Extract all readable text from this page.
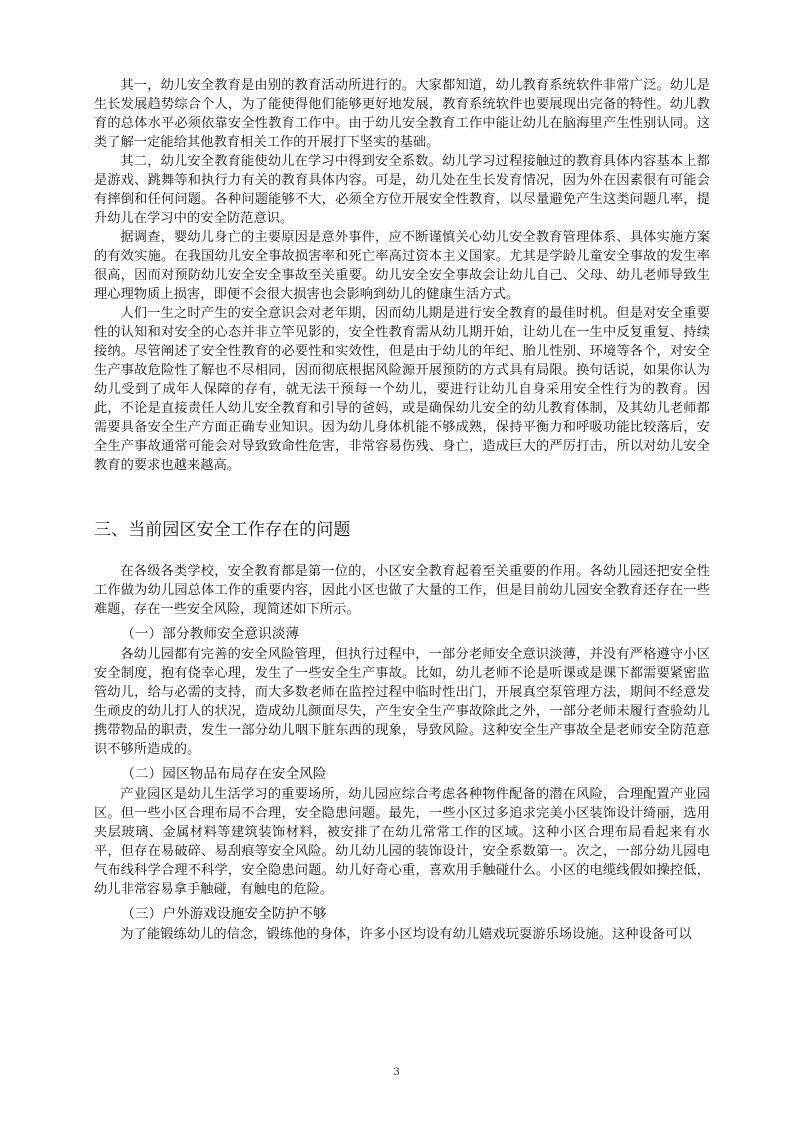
其一，幼儿安全教育是由别的教育活动所进行的。大家都知道，幼儿教育系统软件非常广泛。幼儿是生长发展趋势综合个人，为了能使得他们能够更好地发展，教育系统软件也要展现出完备的特性。幼儿教育的总体水平必须依靠安全性教育工作中。由于幼儿安全教育工作中能让幼儿在脑海里产生性别认同。这类了解一定能给其他教育相关工作的开展打下坚实的基础。

其二，幼儿安全教育能使幼儿在学习中得到安全系数。幼儿学习过程接触过的教育具体内容基本上都是游戏、跳舞等和执行力有关的教育具体内容。可是，幼儿处在生长发育情况，因为外在因素很有可能会有摔倒和任何问题。各种问题能够不大，必须全方位开展安全性教育，以尽量避免产生这类问题几率，提升幼儿在学习中的安全防范意识。

据调查，婴幼儿身亡的主要原因是意外事件，应不断谨慎关心幼儿安全教育管理体系、具体实施方案的有效实施。在我国幼儿安全事故损害率和死亡率高过资本主义国家。尤其是学龄儿童安全事故的发生率很高，因而对预防幼儿安全安全事故至关重要。幼儿安全安全事故会让幼儿自己、父母、幼儿老师导致生理心理物质上损害，即便不会很大损害也会影响到幼儿的健康生活方式。

人们一生之时产生的安全意识会对老年期，因而幼儿期是进行安全教育的最佳时机。但是对安全重要性的认知和对安全的心态并非立竿见影的，安全性教育需从幼儿期开始，让幼儿在一生中反复重复、持续接纳。尽管阐述了安全性教育的必要性和实效性，但是由于幼儿的年纪、胎儿性别、环境等各个，对安全生产事故危险性了解也不尽相同，因而彻底根据风险源开展预防的方式具有局限。换句话说，如果你认为幼儿受到了成年人保障的存有，就无法干预每一个幼儿，要进行让幼儿自身采用安全性行为的教育。因此，不论是直接责任人幼儿安全教育和引导的爸妈，或是确保幼儿安全的幼儿教育体制，及其幼儿老师都需要具备安全生产方面正确专业知识。因为幼儿身体机能不够成熟，保持平衡力和呼吸功能比较落后，安全生产事故通常可能会对导致致命性危害，非常容易伤残、身亡，造成巨大的严厉打击，所以对幼儿安全教育的要求也越来越高。

三、当前园区安全工作存在的问题

在各级各类学校，安全教育都是第一位的，小区安全教育起着至关重要的作用。各幼儿园还把安全性工作做为幼儿园总体工作的重要内容，因此小区也做了大量的工作，但是目前幼儿园安全教育还存在一些难题，存在一些安全风险，现简述如下所示。

（一）部分教师安全意识淡薄

各幼儿园都有完善的安全风险管理，但执行过程中，一部分老师安全意识淡薄，并没有严格遵守小区安全制度，抱有侥幸心理，发生了一些安全生产事故。比如，幼儿老师不论是听课或是课下都需要紧密监管幼儿，给与必需的支持，而大多数老师在监控过程中临时性出门，开展真空泵管理方法，期间不经意发生顽皮的幼儿打人的状况，造成幼儿颜面尽失，产生安全生产事故除此之外，一部分老师未履行查验幼儿携带物品的职责，发生一部分幼儿咽下脏东西的现象，导致风险。这种安全生产事故全是老师安全防范意识不够所造成的。

（二）园区物品布局存在安全风险

产业园区是幼儿生活学习的重要场所，幼儿园应综合考虑各种物件配备的潜在风险，合理配置产业园区。但一些小区合理布局不合理，安全隐患问题。最先，一些小区过多追求完美小区装饰设计绮丽，选用夹层玻璃、金属材料等建筑装饰材料，被安排了在幼儿常常工作的区域。这种小区合理布局看起来有水平，但存在易破碎、易刮痕等安全风险。幼儿幼儿园的装饰设计，安全系数第一。次之，一部分幼儿园电气布线科学合理不科学，安全隐患问题。幼儿好奇心重，喜欢用手触碰什么。小区的电缆线假如操控低，幼儿非常容易拿手触碰，有触电的危险。

（三）户外游戏设施安全防护不够

为了能锻练幼儿的信念，锻练他的身体，许多小区均设有幼儿嬉戏玩耍游乐场设施。这种设备可以

3
